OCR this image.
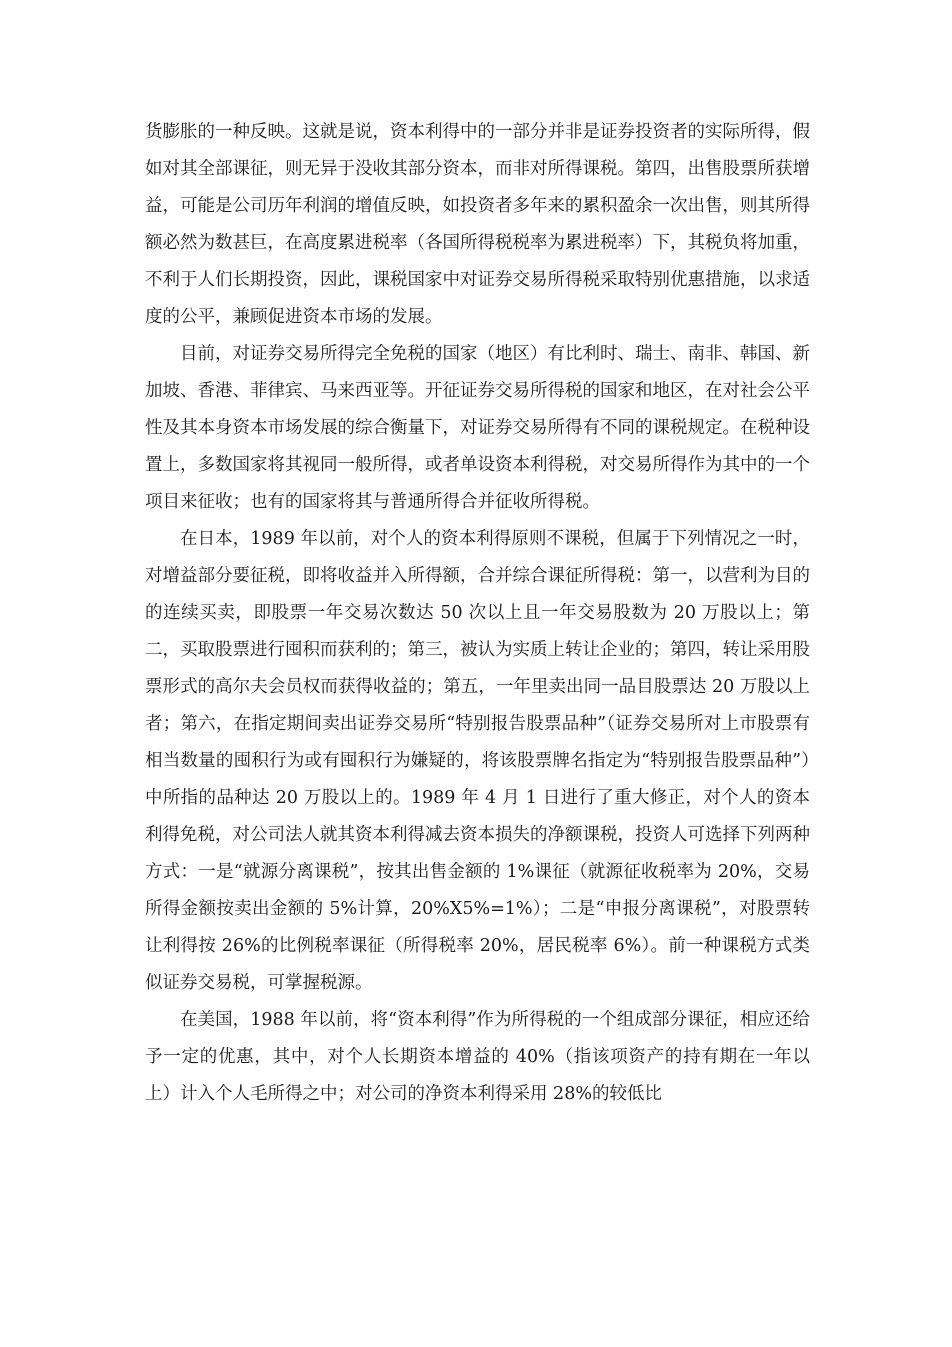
货膨胀的一种反映。这就是说，资本利得中的一部分并非是证券投资者的实际所得，假如对其全部课征，则无异于没收其部分资本，而非对所得课税。第四，出售股票所获增益，可能是公司历年利润的增值反映，如投资者多年来的累积盈余一次出售，则其所得额必然为数甚巨，在高度累进税率（各国所得税税率为累进税率）下，其税负将加重，不利于人们长期投资，因此，课税国家中对证券交易所得税采取特别优惠措施，以求适度的公平，兼顾促进资本市场的发展。

目前，对证券交易所得完全免税的国家（地区）有比利时、瑞士、南非、韩国、新加坡、香港、菲律宾、马来西亚等。开征证券交易所得税的国家和地区，在对社会公平性及其本身资本市场发展的综合衡量下，对证券交易所得有不同的课税规定。在税种设置上，多数国家将其视同一般所得，或者单设资本利得税，对交易所得作为其中的一个项目来征收；也有的国家将其与普通所得合并征收所得税。

在日本，1989 年以前，对个人的资本利得原则不课税，但属于下列情况之一时，对增益部分要征税，即将收益并入所得额，合并综合课征所得税：第一，以营利为目的的连续买卖，即股票一年交易次数达 50 次以上且一年交易股数为 20 万股以上；第二，买取股票进行囤积而获利的；第三，被认为实质上转让企业的；第四，转让采用股票形式的高尔夫会员权而获得收益的；第五，一年里卖出同一品目股票达 20 万股以上者；第六，在指定期间卖出证券交易所“特别报告股票品种”（证券交易所对上市股票有相当数量的囤积行为或有囤积行为嫌疑的，将该股票牌名指定为“特别报告股票品种”）中所指的品种达 20 万股以上的。1989 年 4 月 1 日进行了重大修正，对个人的资本利得免税，对公司法人就其资本利得减去资本损失的净额课税，投资人可选择下列两种方式：一是“就源分离课税”，按其出售金额的 1%课征（就源征收税率为 20%，交易所得金额按卖出金额的 5%计算，20%X5%=1%）；二是“申报分离课税”，对股票转让利得按 26%的比例税率课征（所得税率 20%，居民税率 6%）。前一种课税方式类似证券交易税，可掌握税源。

在美国，1988 年以前，将“资本利得”作为所得税的一个组成部分课征，相应还给予一定的优惠，其中，对个人长期资本增益的 40%（指该项资产的持有期在一年以上）计入个人毛所得之中；对公司的净资本利得采用 28%的较低比
